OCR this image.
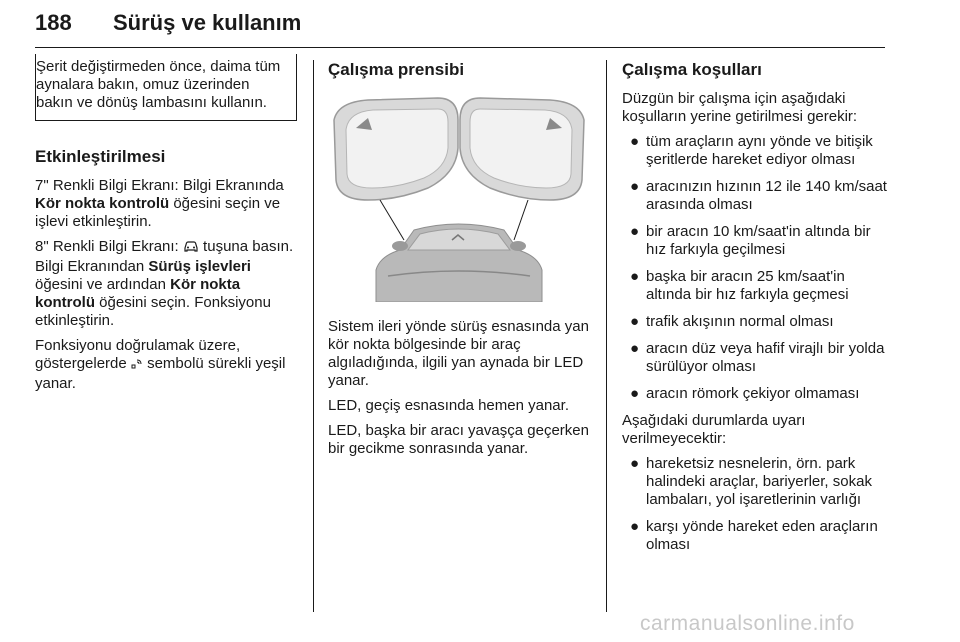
188 Sürüş ve kullanım

Şerit değiştirmeden önce, daima tüm aynalara bakın, omuz üzerinden bakın ve dönüş lambasını kullanın.

Etkinleştirilmesi

7" Renkli Bilgi Ekranı: Bilgi Ekranında Kör nokta kontrolü öğesini seçin ve işlevi etkinleştirin.

8" Renkli Bilgi Ekranı:  tuşuna basın. Bilgi Ekranından Sürüş işlevleri öğesini ve ardından Kör nokta kontrolü öğesini seçin. Fonksiyonu etkinleştirin.

Fonksiyonu doğrulamak üzere, göstergelerde  sembolü sürekli yeşil yanar.

Çalışma prensibi

Sistem ileri yönde sürüş esnasında yan kör nokta bölgesinde bir araç algıladığında, ilgili yan aynada bir LED yanar.

LED, geçiş esnasında hemen yanar.

LED, başka bir aracı yavaşça geçerken bir gecikme sonrasında yanar.

Çalışma koşulları

Düzgün bir çalışma için aşağıdaki koşulların yerine getirilmesi gerekir:

● tüm araçların aynı yönde ve bitişik şeritlerde hareket ediyor olması
● aracınızın hızının 12 ile 140 km/saat arasında olması
● bir aracın 10 km/saat'in altında bir hız farkıyla geçilmesi
● başka bir aracın 25 km/saat'in altında bir hız farkıyla geçmesi
● trafik akışının normal olması
● aracın düz veya hafif virajlı bir yolda sürülüyor olması
● aracın römork çekiyor olmaması

Aşağıdaki durumlarda uyarı verilmeyecektir:

● hareketsiz nesnelerin, örn. park halindeki araçlar, bariyerler, sokak lambaları, yol işaretlerinin varlığı
● karşı yönde hareket eden araçların olması
carmanualsonline.info
